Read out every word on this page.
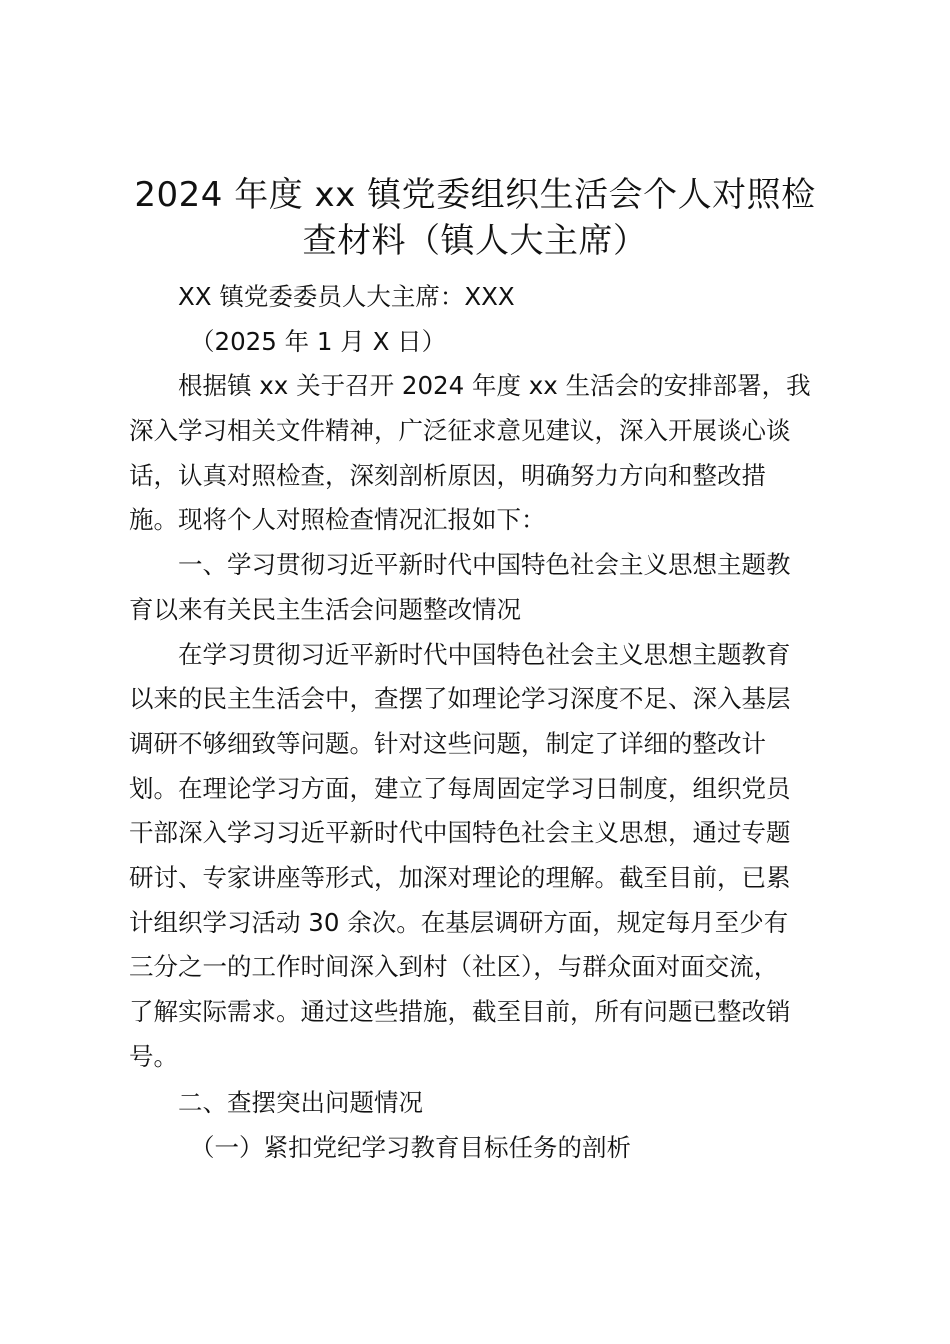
2024 年度 xx 镇党委组织生活会个人对照检
查材料（镇人大主席）
XX 镇党委委员人大主席：XXX
（2025 年 1 月 X 日）
根据镇 xx 关于召开 2024 年度 xx 生活会的安排部署，我
深入学习相关文件精神，广泛征求意见建议，深入开展谈心谈
话，认真对照检查，深刻剖析原因，明确努力方向和整改措
施。现将个人对照检查情况汇报如下：
一、学习贯彻习近平新时代中国特色社会主义思想主题教
育以来有关民主生活会问题整改情况
在学习贯彻习近平新时代中国特色社会主义思想主题教育
以来的民主生活会中，查摆了如理论学习深度不足、深入基层
调研不够细致等问题。针对这些问题，制定了详细的整改计
划。在理论学习方面，建立了每周固定学习日制度，组织党员
干部深入学习习近平新时代中国特色社会主义思想，通过专题
研讨、专家讲座等形式，加深对理论的理解。截至目前，已累
计组织学习活动 30 余次。在基层调研方面，规定每月至少有
三分之一的工作时间深入到村（社区），与群众面对面交流，
了解实际需求。通过这些措施，截至目前，所有问题已整改销
号。
二、查摆突出问题情况
（一）紧扣党纪学习教育目标任务的剖析
